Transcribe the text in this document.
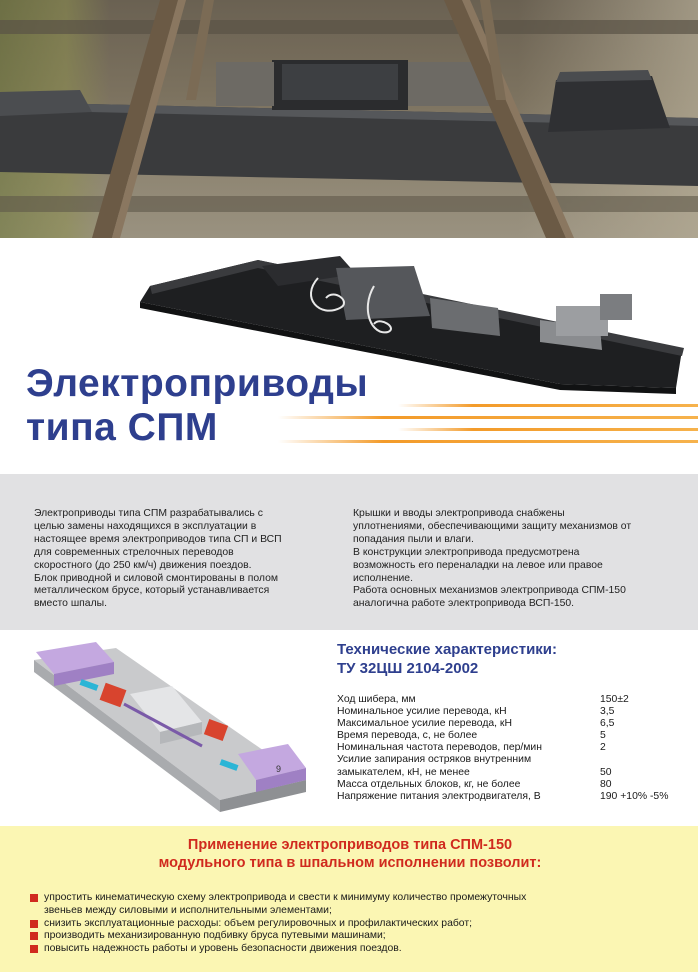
Электроприводы
типа СПМ

Электроприводы типа СПМ разрабатывались с

целью замены находящихся в эксплуатации в

настоящее время электроприводов типа СП и ВСП

для современных стрелочных переводов

скоростного (до 250 км/ч) движения поездов.

Блок приводной и силовой смонтированы в полом

металлическом брусе, который устанавливается

вместо шпалы.

Крышки и вводы электропривода снабжены

уплотнениями, обеспечивающими защиту механизмов от

попадания пыли и влаги.

В конструкции электропривода предусмотрена

возможность его переналадки на левое или правое

исполнение.

Работа основных механизмов электропривода СПМ-150

аналогична работе электропривода ВСП-150.

9
Технические характеристики:
ТУ 32ЦШ 2104-2002
Ход шибера, мм	150±2
Номинальное усилие перевода, кН	3,5
Максимальное усилие перевода, кН	6,5
Время перевода, с, не более	5
Номинальная частота переводов, пер/мин	2
Усилие запирания остряков внутренним
замыкателем, кН, не менее	50
Масса отдельных блоков, кг, не более	80
Напряжение питания электродвигателя, В	190 +10% -5%
Применение электроприводов типа СПМ-150
модульного типа в шпальном исполнении позволит:
упростить кинематическую схему электропривода и свести к минимуму количество промежуточных
звеньев между силовыми и исполнительными элементами;
снизить эксплуатационные расходы: объем регулировочных и профилактических работ;
производить механизированную подбивку бруса путевыми машинами;
повысить надежность работы и уровень безопасности движения поездов.
